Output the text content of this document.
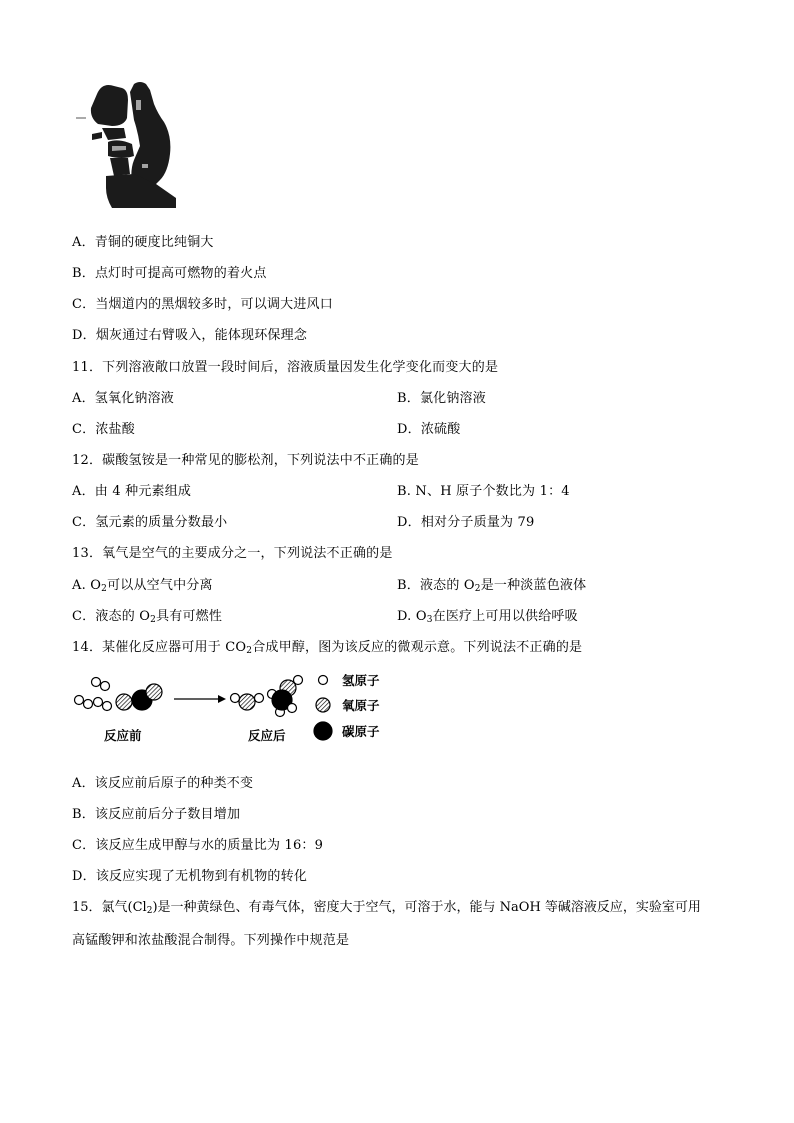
A．青铜的硬度比纯铜大
B．点灯时可提高可燃物的着火点
C．当烟道内的黑烟较多时，可以调大进风口
D．烟灰通过右臂吸入，能体现环保理念
11．下列溶液敞口放置一段时间后，溶液质量因发生化学变化而变大的是
A．氢氧化钠溶液	B．氯化钠溶液
C．浓盐酸	D．浓硫酸
12．碳酸氢铵是一种常见的膨松剂，下列说法中不正确的是
A．由 4 种元素组成	B. N、H 原子个数比为 1：4
C．氢元素的质量分数最小	D．相对分子质量为 79
13．氧气是空气的主要成分之一，下列说法不正确的是
A. $O_2$可以从空气中分离	B．液态的 $O_2$是一种淡蓝色液体
C．液态的 $O_2$具有可燃性	D. $O_3$在医疗上可用以供给呼吸
14．某催化反应器可用于 $CO_2$合成甲醇，图为该反应的微观示意。下列说法不正确的是
反应前	反应后
氢原子
氧原子
碳原子
A．该反应前后原子的种类不变
B．该反应前后分子数目增加
C．该反应生成甲醇与水的质量比为 16：9
D．该反应实现了无机物到有机物的转化
15．氯气$(Cl_2)$是一种黄绿色、有毒气体，密度大于空气，可溶于水，能与 NaOH 等碱溶液反应，实验室可用
高锰酸钾和浓盐酸混合制得。下列操作中规范是
